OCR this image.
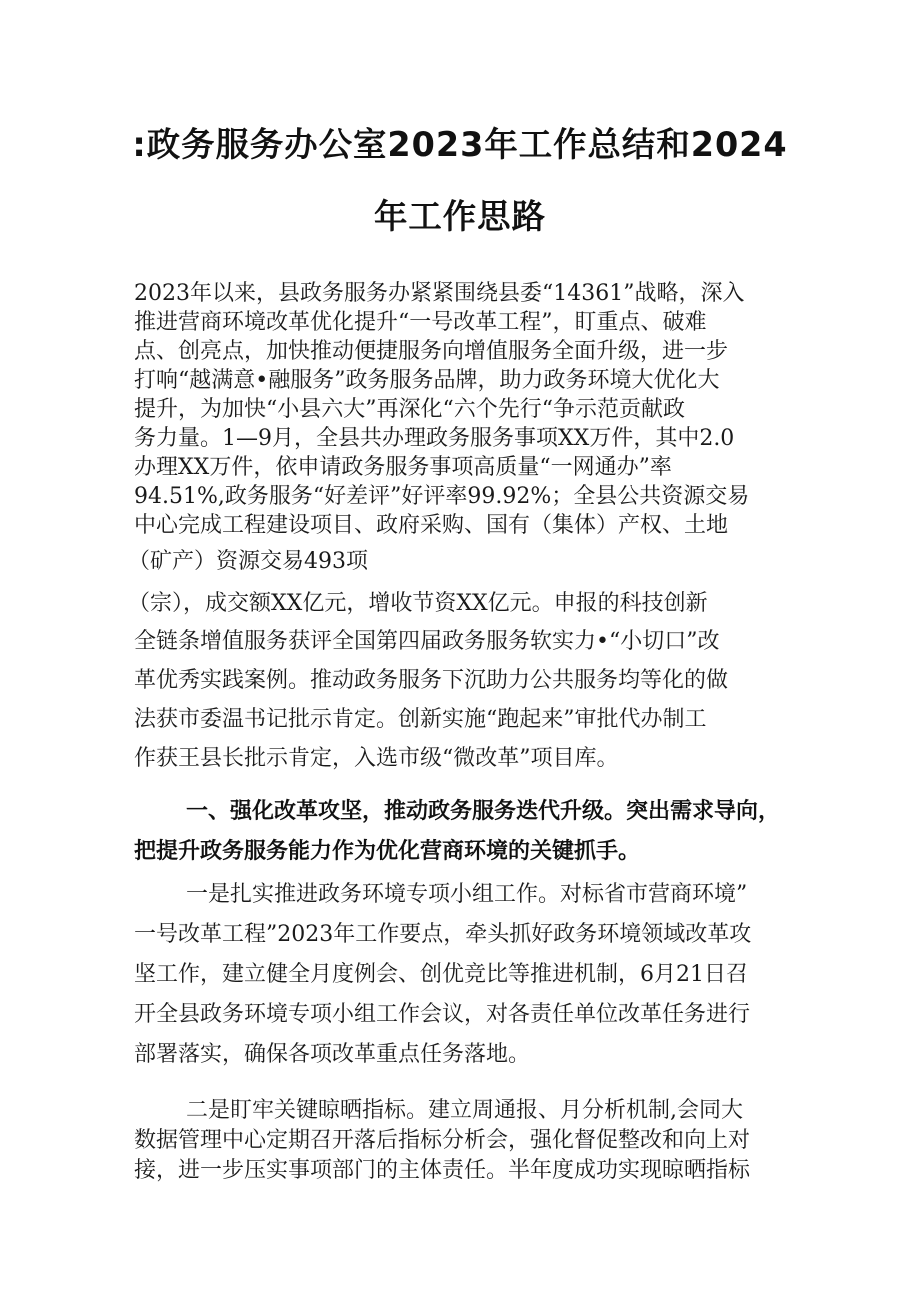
:政务服务办公室2023年工作总结和2024
年工作思路

2023年以来，县政务服务办紧紧围绕县委“14361”战略，深入

推进营商环境改革优化提升“一号改革工程”，盯重点、破难

点、创亮点，加快推动便捷服务向增值服务全面升级，进一步

打响“越满意•融服务”政务服务品牌，助力政务环境大优化大

提升，为加快“小县六大”再深化“六个先行“争示范贡献政

务力量。1—9月，全县共办理政务服务事项XX万件，其中2.0

办理XX万件，依申请政务服务事项高质量“一网通办”率

94.51%,政务服务“好差评”好评率99.92%；全县公共资源交易

中心完成工程建设项目、政府采购、国有（集体）产权、土地

（矿产）资源交易493项

（宗），成交额XX亿元，增收节资XX亿元。申报的科技创新

全链条增值服务获评全国第四届政务服务软实力•“小切口”改

革优秀实践案例。推动政务服务下沉助力公共服务均等化的做

法获市委温书记批示肯定。创新实施“跑起来”审批代办制工

作获王县长批示肯定，入选市级“微改革”项目库。

一、强化改革攻坚，推动政务服务迭代升级。突出需求导向，

把提升政务服务能力作为优化营商环境的关键抓手。

一是扎实推进政务环境专项小组工作。对标省市营商环境”

一号改革工程”2023年工作要点，牵头抓好政务环境领域改革攻

坚工作，建立健全月度例会、创优竞比等推进机制，6月21日召

开全县政务环境专项小组工作会议，对各责任单位改革任务进行

部署落实，确保各项改革重点任务落地。

二是盯牢关键晾晒指标。建立周通报、月分析机制,会同大

数据管理中心定期召开落后指标分析会，强化督促整改和向上对

接，进一步压实事项部门的主体责任。半年度成功实现晾晒指标
